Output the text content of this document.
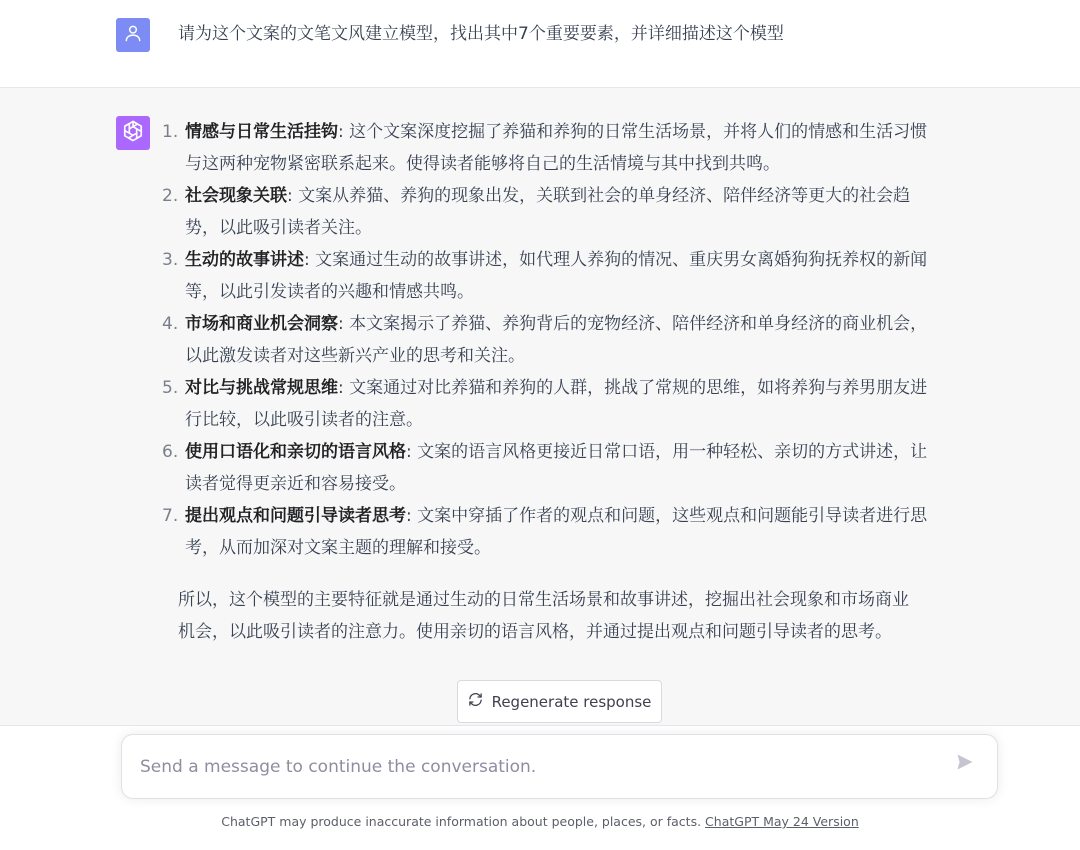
请为这个文案的文笔文风建立模型，找出其中7个重要要素，并详细描述这个模型
1. 情感与日常生活挂钩: 这个文案深度挖掘了养猫和养狗的日常生活场景，并将人们的情感和生活习惯与这两种宠物紧密联系起来。使得读者能够将自己的生活情境与其中找到共鸣。
2. 社会现象关联: 文案从养猫、养狗的现象出发，关联到社会的单身经济、陪伴经济等更大的社会趋势，以此吸引读者关注。
3. 生动的故事讲述: 文案通过生动的故事讲述，如代理人养狗的情况、重庆男女离婚狗狗抚养权的新闻等，以此引发读者的兴趣和情感共鸣。
4. 市场和商业机会洞察: 本文案揭示了养猫、养狗背后的宠物经济、陪伴经济和单身经济的商业机会，以此激发读者对这些新兴产业的思考和关注。
5. 对比与挑战常规思维: 文案通过对比养猫和养狗的人群，挑战了常规的思维，如将养狗与养男朋友进行比较，以此吸引读者的注意。
6. 使用口语化和亲切的语言风格: 文案的语言风格更接近日常口语，用一种轻松、亲切的方式讲述，让读者觉得更亲近和容易接受。
7. 提出观点和问题引导读者思考: 文案中穿插了作者的观点和问题，这些观点和问题能引导读者进行思考，从而加深对文案主题的理解和接受。

所以，这个模型的主要特征就是通过生动的日常生活场景和故事讲述，挖掘出社会现象和市场商业机会，以此吸引读者的注意力。使用亲切的语言风格，并通过提出观点和问题引导读者的思考。

Regenerate response
Send a message to continue the conversation.
ChatGPT may produce inaccurate information about people, places, or facts. ChatGPT May 24 Version
